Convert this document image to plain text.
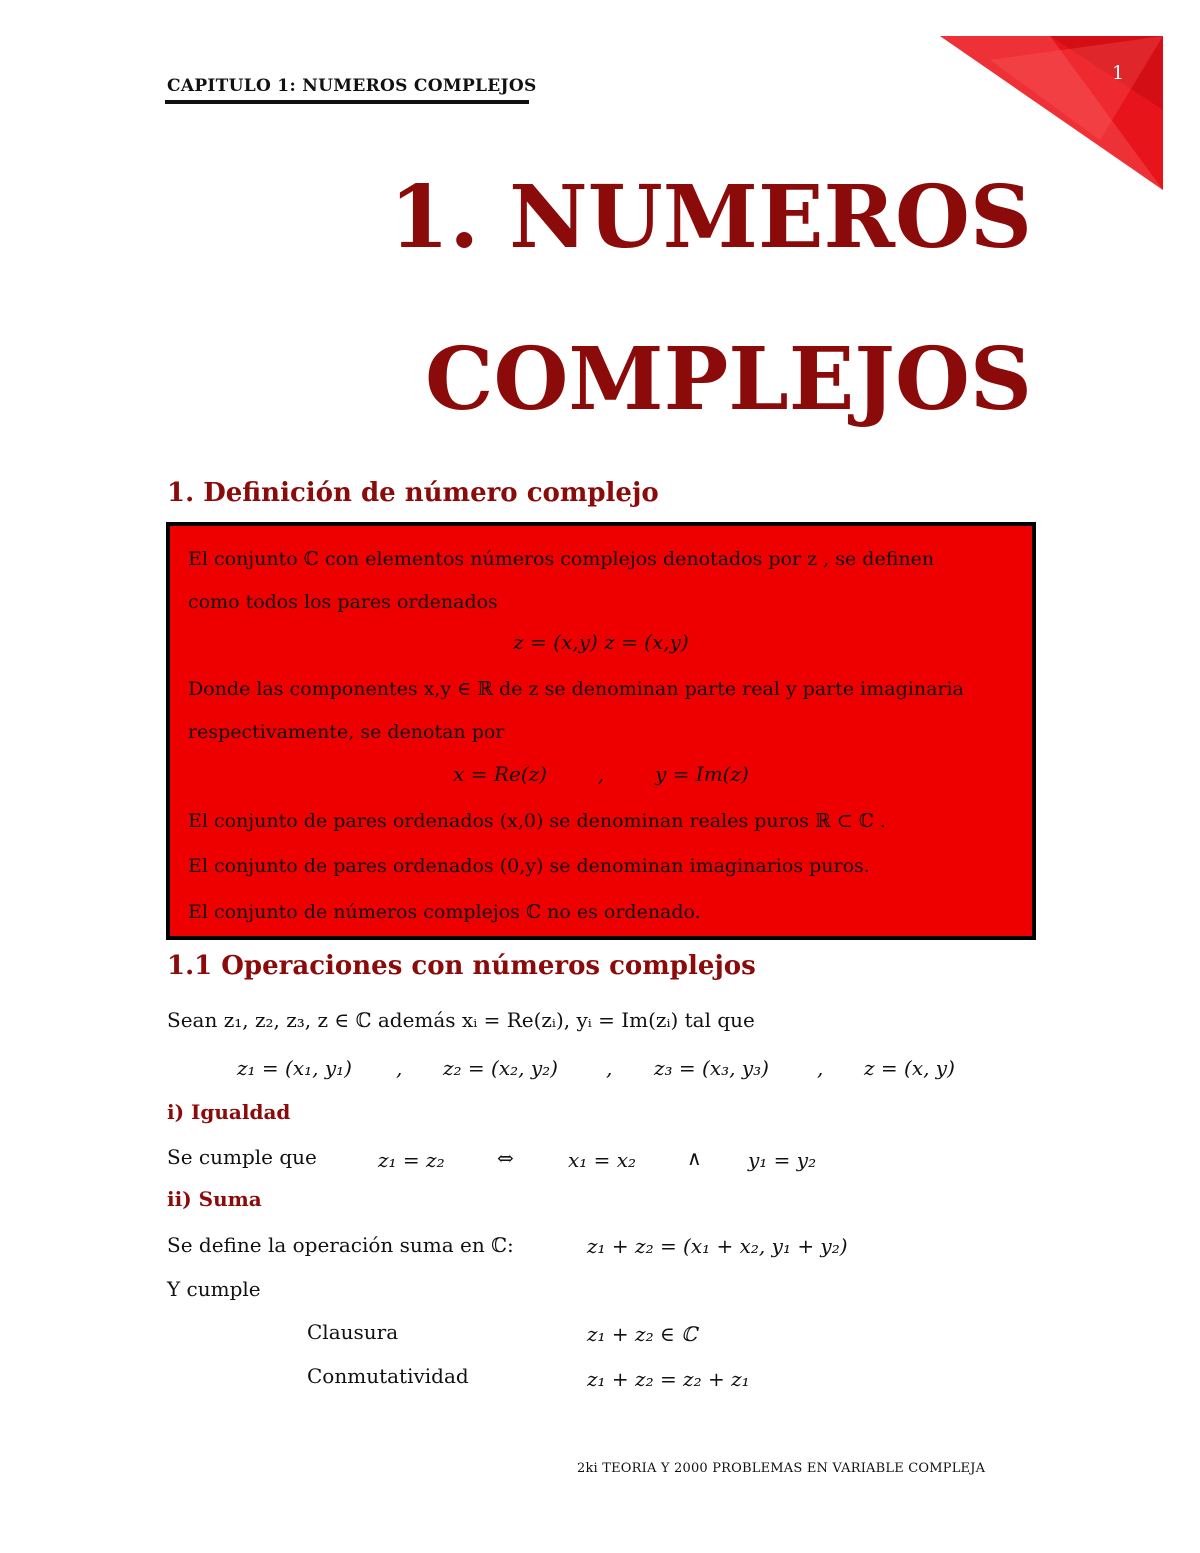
CAPITULO 1: NUMEROS COMPLEJOS
1
1. NUMEROS
COMPLEJOS
1. Definición de número complejo
El conjunto ℂ con elementos números complejos denotados por z , se definen
como todos los pares ordenados
z = (x,y) z = (x,y)
Donde las componentes x,y ∈ ℝ de z se denominan parte real y parte imaginaria
respectivamente, se denotan por
x = Re(z)        ,        y = Im(z)
El conjunto de pares ordenados (x,0) se denominan reales puros ℝ ⊂ ℂ .
El conjunto de pares ordenados (0,y) se denominan imaginarios puros.
El conjunto de números complejos ℂ no es ordenado.
1.1 Operaciones con números complejos
Sean z₁, z₂, z₃, z ∈ ℂ además xᵢ = Re(zᵢ), yᵢ = Im(zᵢ) tal que
z₁ = (x₁, y₁) , z₂ = (x₂, y₂) , z₃ = (x₃, y₃) , z = (x, y)
i) Igualdad
Se cumple que	z₁ = z₂	⇔	x₁ = x₂	∧ y₁ = y₂
ii) Suma
Se define la operación suma en ℂ:	z₁ + z₂ = (x₁ + x₂, y₁ + y₂)
Y cumple
Clausura	z₁ + z₂ ∈ ℂ
Conmutatividad	z₁ + z₂ = z₂ + z₁
2ki TEORIA Y 2000 PROBLEMAS EN VARIABLE COMPLEJA
